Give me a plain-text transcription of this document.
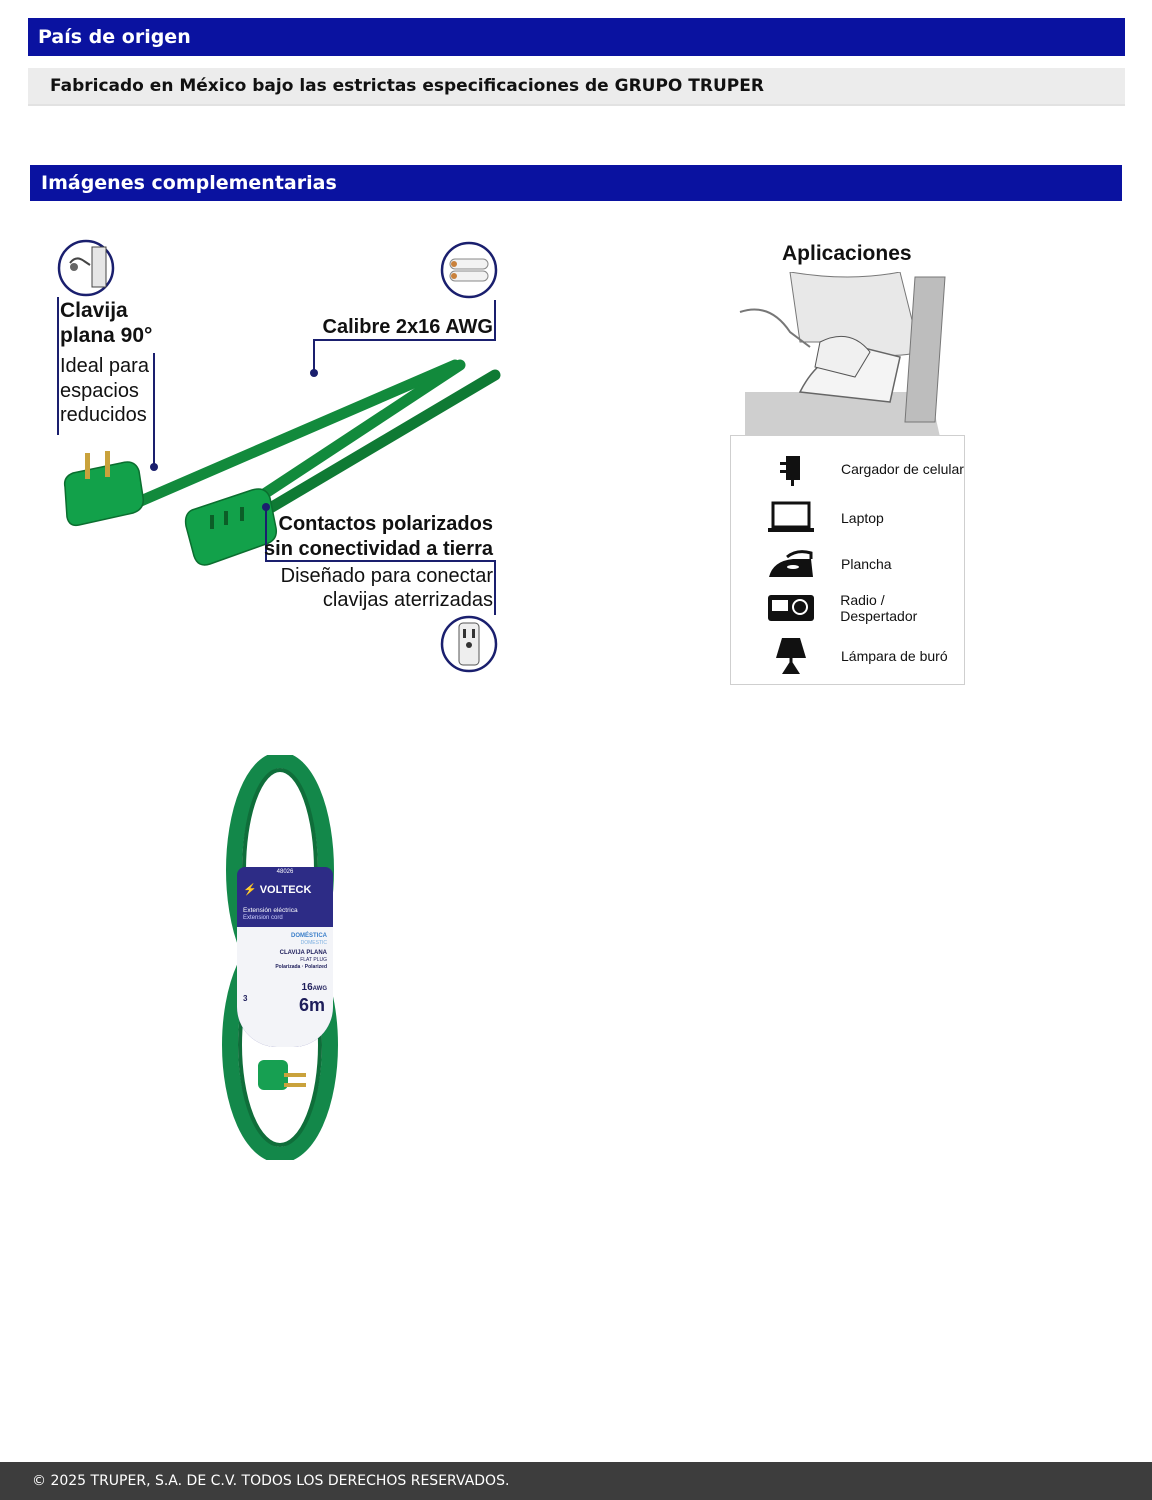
País de origen
Fabricado en México bajo las estrictas especificaciones de GRUPO TRUPER
Imágenes complementarias
Clavija
plana 90°
Ideal para
espacios
reducidos
Calibre 2x16 AWG
Contactos polarizados
sin conectividad a tierra
Diseñado para conectar
clavijas aterrizadas
Aplicaciones
Cargador de celular
Laptop
Plancha
Radio / Despertador
Lámpara de buró
48026
⚡ VOLTECK
Extensión eléctrica
Extension cord
DOMÉSTICA
DOMESTIC
CLAVIJA PLANA
FLAT PLUG
Polarizada · Polarized
16AWG
3	6m
© 2025 TRUPER, S.A. DE C.V. TODOS LOS DERECHOS RESERVADOS.
